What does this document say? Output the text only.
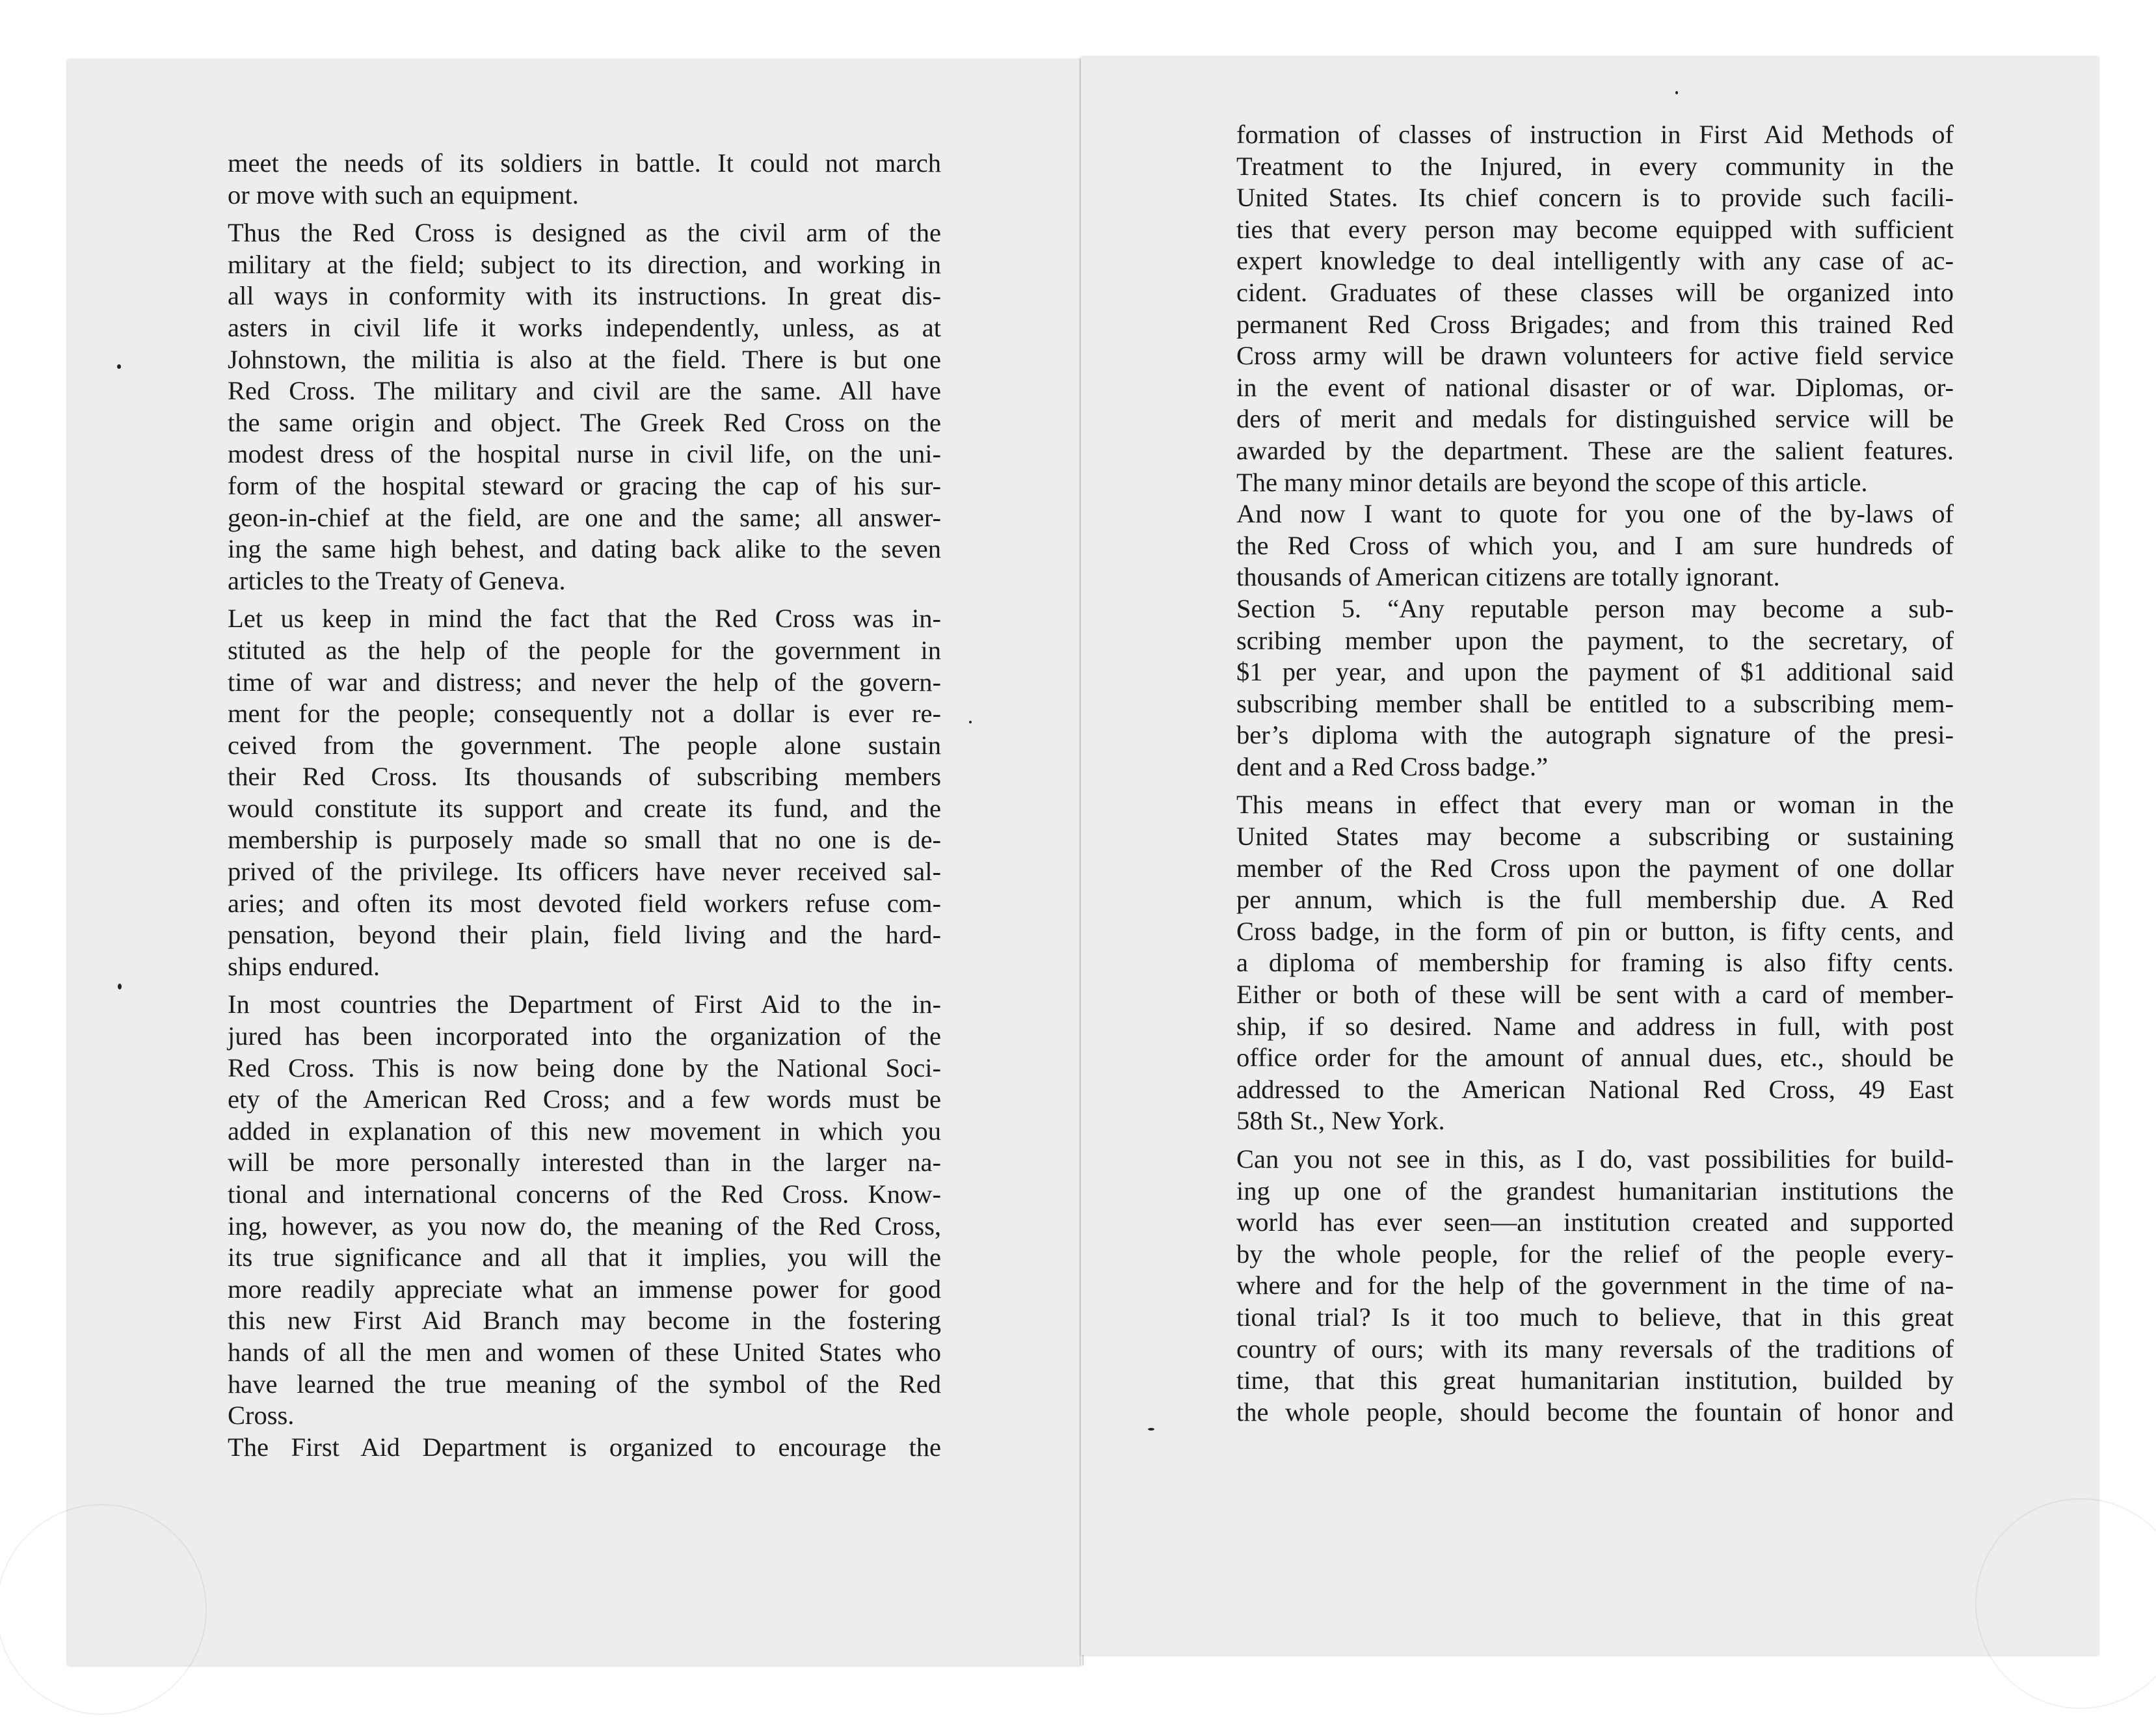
meet the needs of its soldiers in battle. It could not march
or move with such an equipment.
Thus the Red Cross is designed as the civil arm of the
military at the field; subject to its direction, and working in
all ways in conformity with its instructions. In great dis-
asters in civil life it works independently, unless, as at
Johnstown, the militia is also at the field. There is but one
Red Cross. The military and civil are the same. All have
the same origin and object. The Greek Red Cross on the
modest dress of the hospital nurse in civil life, on the uni-
form of the hospital steward or gracing the cap of his sur-
geon-in-chief at the field, are one and the same; all answer-
ing the same high behest, and dating back alike to the seven
articles to the Treaty of Geneva.
Let us keep in mind the fact that the Red Cross was in-
stituted as the help of the people for the government in
time of war and distress; and never the help of the govern-
ment for the people; consequently not a dollar is ever re-
ceived from the government. The people alone sustain
their Red Cross. Its thousands of subscribing members
would constitute its support and create its fund, and the
membership is purposely made so small that no one is de-
prived of the privilege. Its officers have never received sal-
aries; and often its most devoted field workers refuse com-
pensation, beyond their plain, field living and the hard-
ships endured.
In most countries the Department of First Aid to the in-
jured has been incorporated into the organization of the
Red Cross. This is now being done by the National Soci-
ety of the American Red Cross; and a few words must be
added in explanation of this new movement in which you
will be more personally interested than in the larger na-
tional and international concerns of the Red Cross. Know-
ing, however, as you now do, the meaning of the Red Cross,
its true significance and all that it implies, you will the
more readily appreciate what an immense power for good
this new First Aid Branch may become in the fostering
hands of all the men and women of these United States who
have learned the true meaning of the symbol of the Red
Cross.
The First Aid Department is organized to encourage the
formation of classes of instruction in First Aid Methods of
Treatment to the Injured, in every community in the
United States. Its chief concern is to provide such facili-
ties that every person may become equipped with sufficient
expert knowledge to deal intelligently with any case of ac-
cident. Graduates of these classes will be organized into
permanent Red Cross Brigades; and from this trained Red
Cross army will be drawn volunteers for active field service
in the event of national disaster or of war. Diplomas, or-
ders of merit and medals for distinguished service will be
awarded by the department. These are the salient features.
The many minor details are beyond the scope of this article.
And now I want to quote for you one of the by-laws of
the Red Cross of which you, and I am sure hundreds of
thousands of American citizens are totally ignorant.
Section 5. “Any reputable person may become a sub-
scribing member upon the payment, to the secretary, of
$1 per year, and upon the payment of $1 additional said
subscribing member shall be entitled to a subscribing mem-
ber’s diploma with the autograph signature of the presi-
dent and a Red Cross badge.”
This means in effect that every man or woman in the
United States may become a subscribing or sustaining
member of the Red Cross upon the payment of one dollar
per annum, which is the full membership due. A Red
Cross badge, in the form of pin or button, is fifty cents, and
a diploma of membership for framing is also fifty cents.
Either or both of these will be sent with a card of member-
ship, if so desired. Name and address in full, with post
office order for the amount of annual dues, etc., should be
addressed to the American National Red Cross, 49 East
58th St., New York.
Can you not see in this, as I do, vast possibilities for build-
ing up one of the grandest humanitarian institutions the
world has ever seen—an institution created and supported
by the whole people, for the relief of the people every-
where and for the help of the government in the time of na-
tional trial? Is it too much to believe, that in this great
country of ours; with its many reversals of the traditions of
time, that this great humanitarian institution, builded by
the whole people, should become the fountain of honor and
